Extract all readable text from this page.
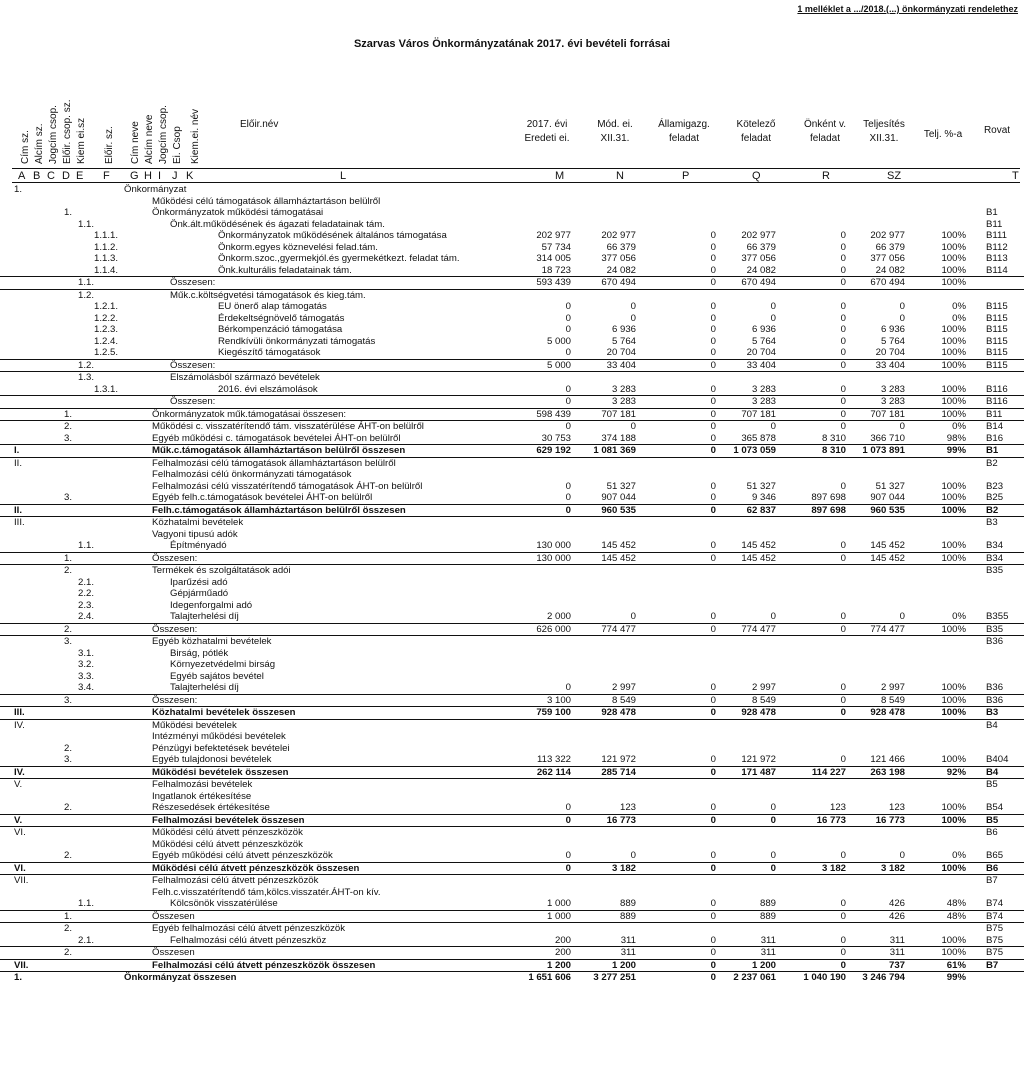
1 melléklet a .../2018.(...) önkormányzati rendelethez
Szarvas Város Önkormányzatának 2017. évi bevételi forrásai
Cím sz. Alcím sz. Jogcím csop. Előir. csop. sz. Kiem ei.sz Előir. sz. Cím neve Alcím neve Jogcím csop. Ei. Csop Kiem.ei. név	Előir.név	2017. évi
Eredeti ei.
Mód. ei.
XII.31.
Államigazg.
feladat
Kötelező
feladat
Önként v.
feladat
Teljesítés
XII.31.	Telj. %-a	Rovat
A B C D E F G H I J K	L	M	N	P	Q	R	SZ	T
1.	Önkormányzat
Működési célú támogatások államháztartáson belülről
1.	Önkormányzatok működési támogatásai	B1
1.1.	Önk.ált.működésének és ágazati feladatainak tám.	B11
1.1.1.	Önkormányzatok működésének általános támogatása	202 977	202 977	0	202 977	0	202 977	100% B111
1.1.2.	Önkorm.egyes köznevelési felad.tám.	57 734	66 379	0	66 379	0	66 379	100% B112
1.1.3.	Önkorm.szoc.,gyermekjól.és gyermekétkezt. feladat tám.	314 005	377 056	0	377 056	0	377 056	100% B113
1.1.4.	Önk.kulturális feladatainak tám.	18 723	24 082	0	24 082	0	24 082	100% B114
1.1.	Összesen:	593 439	670 494	0	670 494	0	670 494	100%
1.2.	Műk.c.költségvetési támogatások és kieg.tám.
1.2.1.	EU önerő alap támogatás	0	0	0	0	0	0	0% B115
1.2.2.	Érdekeltségnövelő támogatás	0	0	0	0	0	0	0% B115
1.2.3.	Bérkompenzáció támogatása	0	6 936	0	6 936	0	6 936	100% B115
1.2.4.	Rendkívüli önkormányzati támogatás	5 000	5 764	0	5 764	0	5 764	100% B115
1.2.5.	Kiegészítő támogatások	0	20 704	0	20 704	0	20 704	100% B115
1.2.	Összesen:	5 000	33 404	0	33 404	0	33 404	100% B115
1.3.	Elszámolásból származó bevételek
1.3.1.	2016. évi elszámolások	0	3 283	0	3 283	0	3 283	100% B116
Összesen:	0	3 283	0	3 283	0	3 283	100% B116
1.	Önkormányzatok műk.támogatásai összesen:	598 439	707 181	0	707 181	0	707 181	100% B11
2.	Működési c. visszatérítendő tám. visszatérülése ÁHT-on belülről	0	0	0	0	0	0	0% B14
3.	Egyéb működési c. támogatások bevételei ÁHT-on belülről	30 753	374 188	0	365 878	8 310	366 710	98% B16
I.	Műk.c.támogatások államháztartáson belülről összesen	629 192	1 081 369	0	1 073 059	8 310	1 073 891	99% B1
II.	Felhalmozási célú támogatások államháztartáson belülről	B2
Felhalmozási célú önkormányzati támogatások
Felhalmozási célú visszatérítendő támogatások ÁHT-on belülről	0	51 327	0	51 327	0	51 327	100% B23
3.	Egyéb felh.c.támogatások bevételei ÁHT-on belülről	0	907 044	0	9 346	897 698	907 044	100% B25
II.	Felh.c.támogatások államháztartáson belülről összesen	0	960 535	0	62 837	897 698	960 535	100% B2
III.	Közhatalmi bevételek	B3
Vagyoni tipusú adók
1.1.	Építményadó	130 000	145 452	0	145 452	0	145 452	100% B34
1.	Összesen:	130 000	145 452	0	145 452	0	145 452	100% B34
2.	Termékek és szolgáltatások adói	B35
2.1.	Iparűzési adó
2.2.	Gépjárműadó
2.3.	Idegenforgalmi adó
2.4.	Talajterhelési díj	2 000	0	0	0	0	0	0% B355
2.	Összesen:	626 000	774 477	0	774 477	0	774 477	100% B35
3.	Egyéb közhatalmi bevételek	B36
3.1.	Birság, pótlék
3.2.	Környezetvédelmi birság
3.3.	Egyéb sajátos bevétel
3.4.	Talajterhelési díj	0	2 997	0	2 997	0	2 997	100% B36
3.	Összesen:	3 100	8 549	0	8 549	0	8 549	100% B36
III.	Közhatalmi bevételek összesen	759 100	928 478	0	928 478	0	928 478	100% B3
IV.	Működési bevételek	B4
Intézményi működési bevételek
2.	Pénzügyi befektetések bevételei
3.	Egyéb tulajdonosi bevételek	113 322	121 972	0	121 972	0	121 466	100% B404
IV.	Működési bevételek összesen	262 114	285 714	0	171 487	114 227	263 198	92% B4
V.	Felhalmozási bevételek	B5
Ingatlanok értékesítése
2.	Részesedések értékesítése	0	123	0	0	123	123	100% B54
V.	Felhalmozási bevételek összesen	0	16 773	0	0	16 773	16 773	100% B5
VI.	Működési célú átvett pénzeszközök	B6
Működési célú átvett pénzeszközök
2.	Egyéb működési célú átvett pénzeszközök	0	0	0	0	0	0	0% B65
VI.	Működési célú átvett pénzeszközök összesen	0	3 182	0	0	3 182	3 182	100% B6
VII.	Felhalmozási célú átvett pénzeszközök	B7
Felh.c.visszatérítendő tám,kölcs.visszatér.ÁHT-on kív.
1.1.	Kölcsönök visszatérülése	1 000	889	0	889	0	426	48% B74
1.	Összesen	1 000	889	0	889	0	426	48% B74
2.	Egyéb felhalmozási célú átvett pénzeszközök	B75
2.1.	Felhalmozási célú átvett pénzeszköz	200	311	0	311	0	311	100% B75
2.	Összesen	200	311	0	311	0	311	100% B75
VII.	Felhalmozási célú átvett pénzeszközök összesen	1 200	1 200	0	1 200	0	737	61% B7
1.	Önkormányzat összesen	1 651 606	3 277 251	0	2 237 061	1 040 190	3 246 794	99%
